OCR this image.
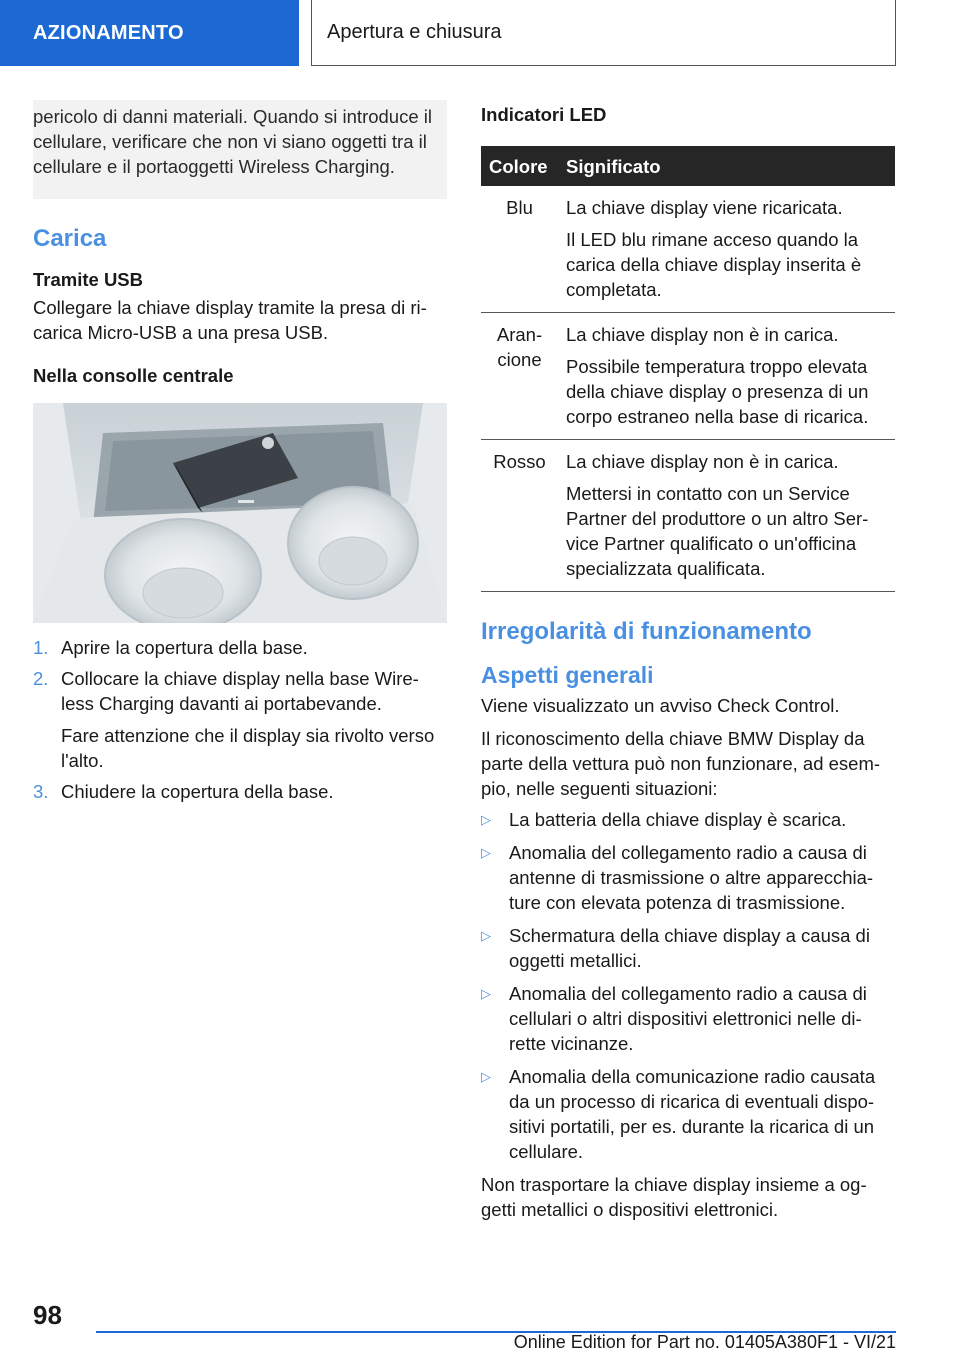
AZIONAMENTO	Apertura e chiusura

pericolo di danni materiali. Quando si introduce il cellulare, verificare che non vi siano oggetti tra il cellulare e il portaoggetti Wireless Charging.

Carica
Tramite USB

Collegare la chiave display tramite la presa di ri-carica Micro-USB a una presa USB.

Nella consolle centrale
1. Aprire la copertura della base.

2. Collocare la chiave display nella base Wire-less Charging davanti ai portabevande.

Fare attenzione che il display sia rivolto verso l'alto.

3. Chiudere la copertura della base.

Indicatori LED
Colore	Significato
Blu	La chiave display viene ricaricata.

Il LED blu rimane acceso quando la carica della chiave display inserita è completata.

Aran-cione	La chiave display non è in carica.

Possibile temperatura troppo elevata della chiave display o presenza di un corpo estraneo nella base di ricarica.

Rosso	La chiave display non è in carica.

Mettersi in contatto con un Service Partner del produttore o un altro Ser-vice Partner qualificato o un'officina specializzata qualificata.

Irregolarità di funzionamento
Aspetti generali

Viene visualizzato un avviso Check Control.

Il riconoscimento della chiave BMW Display da parte della vettura può non funzionare, ad esem-pio, nelle seguenti situazioni:

▷ La batteria della chiave display è scarica.
▷ Anomalia del collegamento radio a causa di antenne di trasmissione o altre apparecchia-ture con elevata potenza di trasmissione.
▷ Schermatura della chiave display a causa di oggetti metallici.
▷ Anomalia del collegamento radio a causa di cellulari o altri dispositivi elettronici nelle di-rette vicinanze.
▷ Anomalia della comunicazione radio causata da un processo di ricarica di eventuali dispo-sitivi portatili, per es. durante la ricarica di un cellulare.

Non trasportare la chiave display insieme a og-getti metallici o dispositivi elettronici.

98
Online Edition for Part no. 01405A380F1 - VI/21
